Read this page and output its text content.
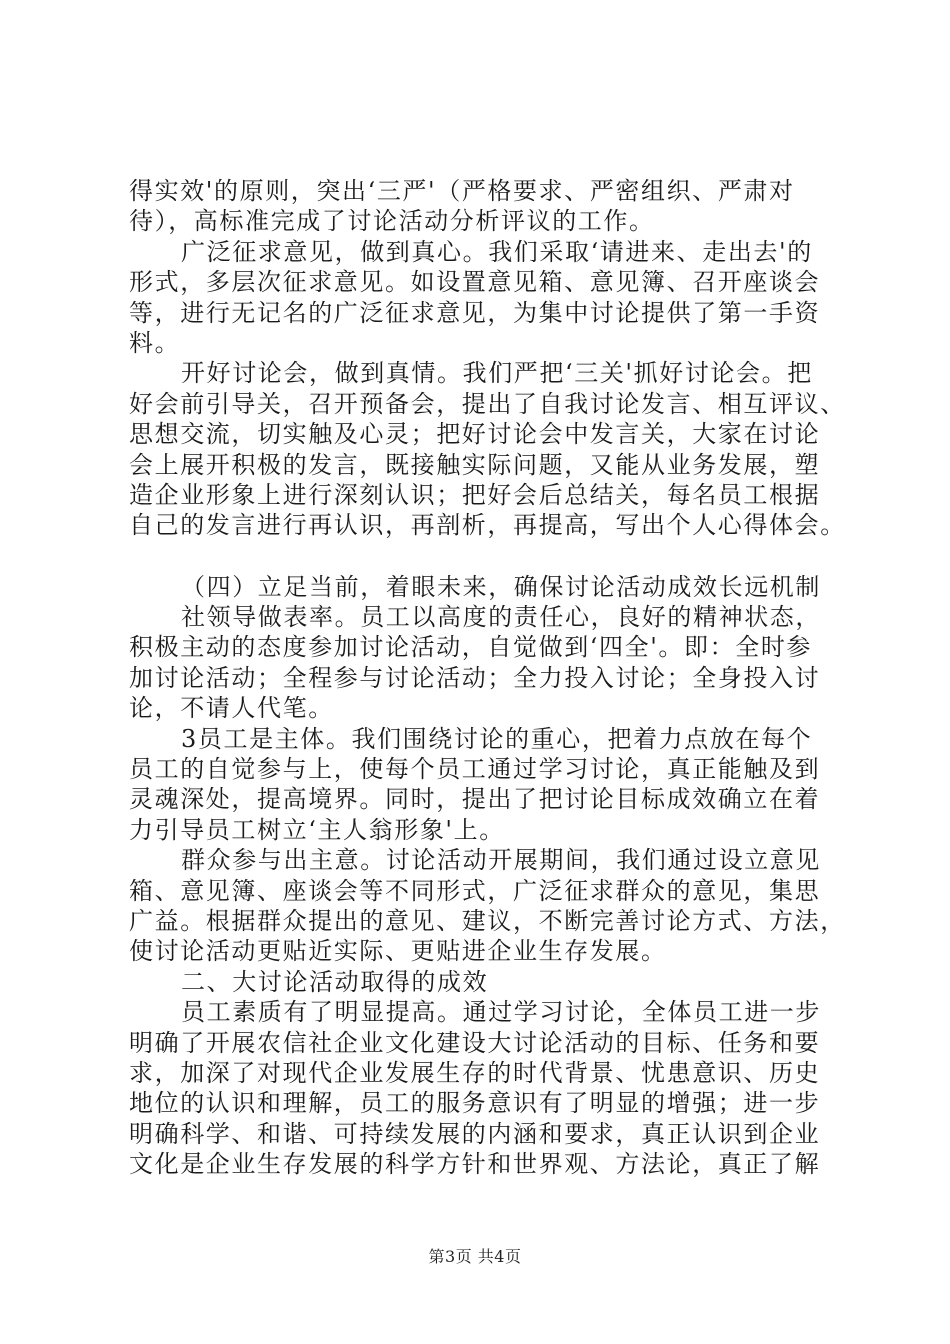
得实效'的原则，突出‘三严'（严格要求、严密组织、严肃对
待），高标准完成了讨论活动分析评议的工作。
广泛征求意见，做到真心。我们采取‘请进来、走出去'的
形式，多层次征求意见。如设置意见箱、意见簿、召开座谈会
等，进行无记名的广泛征求意见，为集中讨论提供了第一手资
料。
开好讨论会，做到真情。我们严把‘三关'抓好讨论会。把
好会前引导关，召开预备会，提出了自我讨论发言、相互评议、
思想交流，切实触及心灵；把好讨论会中发言关，大家在讨论
会上展开积极的发言，既接触实际问题，又能从业务发展，塑
造企业形象上进行深刻认识；把好会后总结关，每名员工根据
自己的发言进行再认识，再剖析，再提高，写出个人心得体会。
（四）立足当前，着眼未来，确保讨论活动成效长远机制
社领导做表率。员工以高度的责任心，良好的精神状态，
积极主动的态度参加讨论活动，自觉做到‘四全'。即：全时参
加讨论活动；全程参与讨论活动；全力投入讨论；全身投入讨
论，不请人代笔。
3员工是主体。我们围绕讨论的重心，把着力点放在每个
员工的自觉参与上，使每个员工通过学习讨论，真正能触及到
灵魂深处，提高境界。同时，提出了把讨论目标成效确立在着
力引导员工树立‘主人翁形象'上。
群众参与出主意。讨论活动开展期间，我们通过设立意见
箱、意见簿、座谈会等不同形式，广泛征求群众的意见，集思
广益。根据群众提出的意见、建议，不断完善讨论方式、方法，
使讨论活动更贴近实际、更贴进企业生存发展。
二、大讨论活动取得的成效
员工素质有了明显提高。通过学习讨论，全体员工进一步
明确了开展农信社企业文化建设大讨论活动的目标、任务和要
求，加深了对现代企业发展生存的时代背景、忧患意识、历史
地位的认识和理解，员工的服务意识有了明显的增强；进一步
明确科学、和谐、可持续发展的内涵和要求，真正认识到企业
文化是企业生存发展的科学方针和世界观、方法论，真正了解
第3页 共4页
